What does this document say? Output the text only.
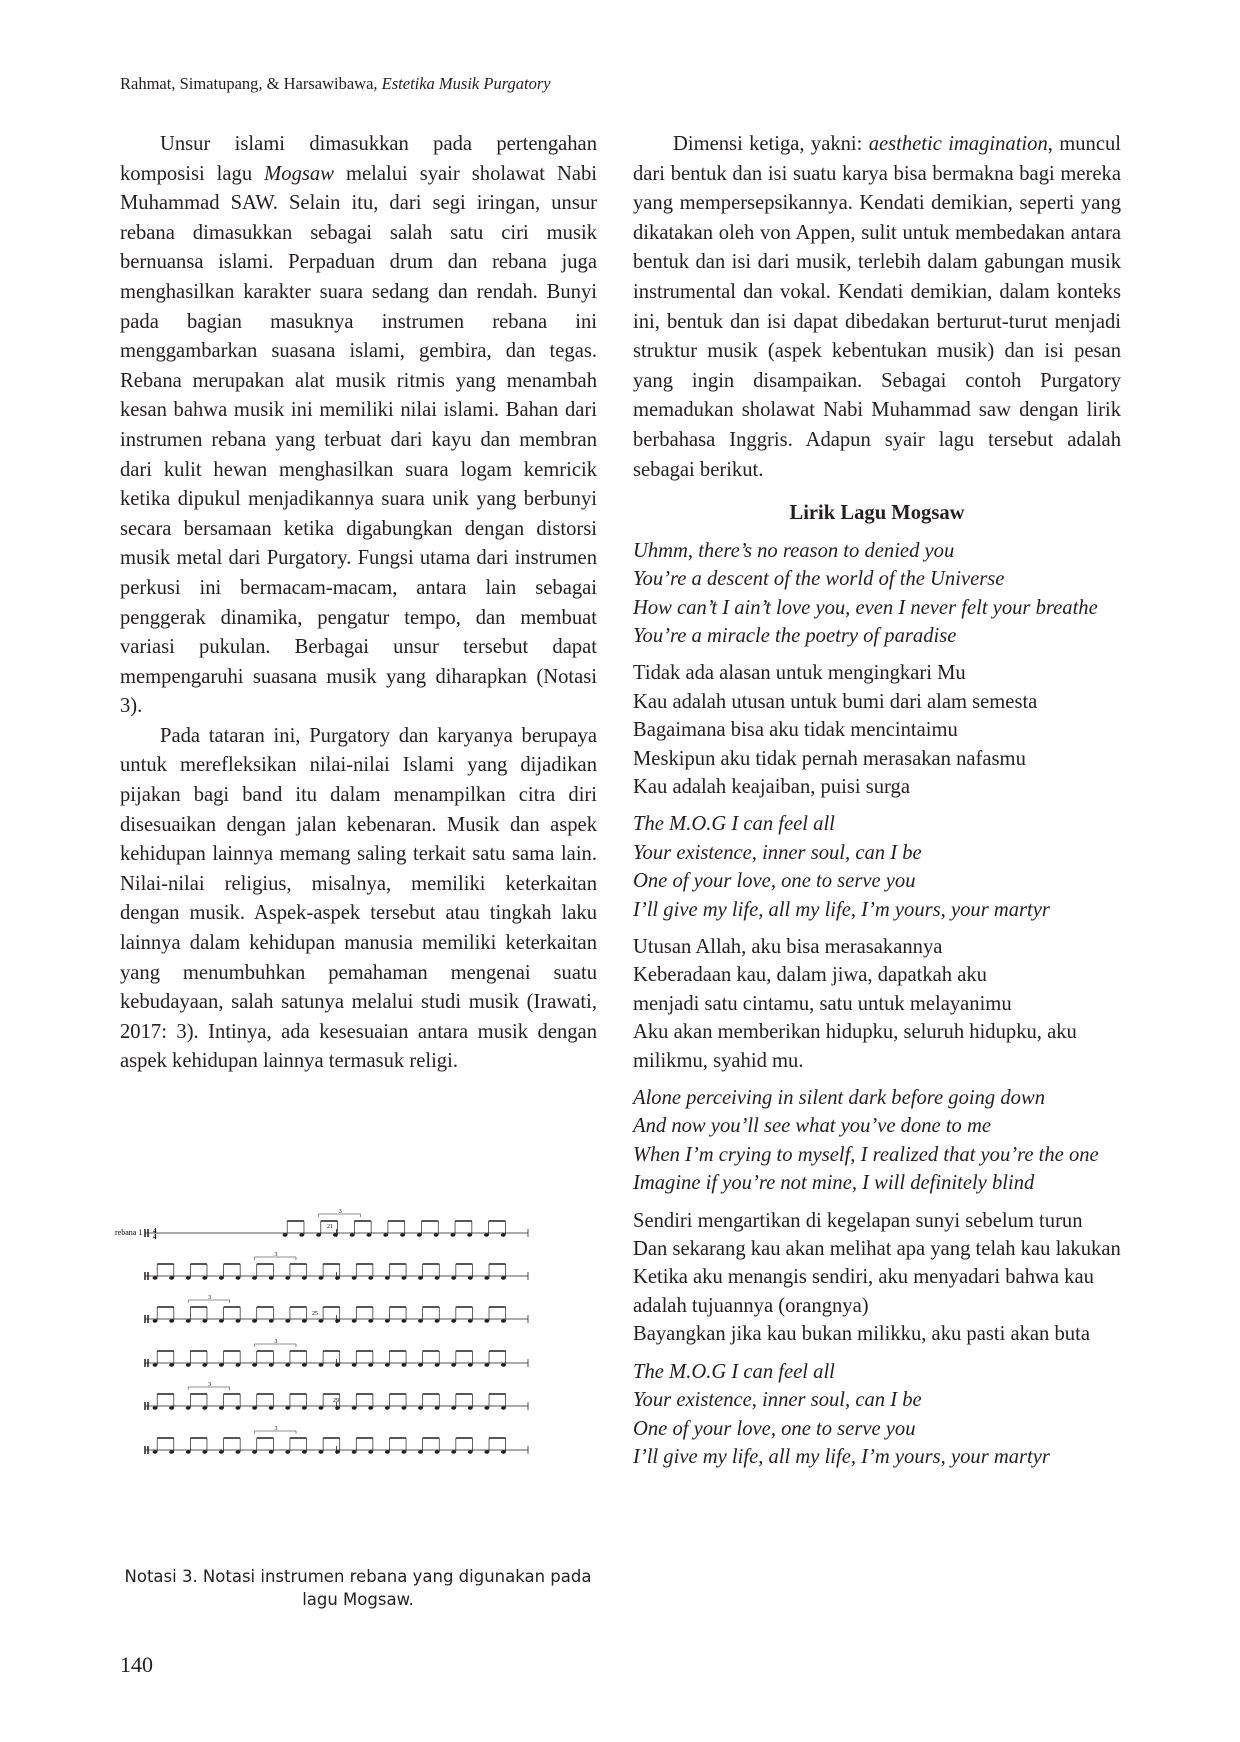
Rahmat, Simatupang, & Harsawibawa, Estetika Musik Purgatory

Unsur islami dimasukkan pada pertengahan komposisi lagu Mogsaw melalui syair sholawat Nabi Muhammad SAW. Selain itu, dari segi iringan, unsur rebana dimasukkan sebagai salah satu ciri musik bernuansa islami. Perpaduan drum dan rebana juga menghasilkan karakter suara sedang dan rendah. Bunyi pada bagian masuknya instrumen rebana ini menggambarkan suasana islami, gembira, dan tegas. Rebana merupakan alat musik ritmis yang menambah kesan bahwa musik ini memiliki nilai islami. Bahan dari instrumen rebana yang terbuat dari kayu dan membran dari kulit hewan menghasilkan suara logam kemricik ketika dipukul menjadikannya suara unik yang berbunyi secara bersamaan ketika digabungkan dengan distorsi musik metal dari Purgatory. Fungsi utama dari instrumen perkusi ini bermacam-macam, antara lain sebagai penggerak dinamika, pengatur tempo, dan membuat variasi pukulan. Berbagai unsur tersebut dapat mempengaruhi suasana musik yang diharapkan (Notasi 3).

Pada tataran ini, Purgatory dan karyanya berupaya untuk merefleksikan nilai-nilai Islami yang dijadikan pijakan bagi band itu dalam menampilkan citra diri disesuaikan dengan jalan kebenaran. Musik dan aspek kehidupan lainnya memang saling terkait satu sama lain. Nilai-nilai religius, misalnya, memiliki keterkaitan dengan musik. Aspek-aspek tersebut atau tingkah laku lainnya dalam kehidupan manusia memiliki keterkaitan yang menumbuhkan pemahaman mengenai suatu kebudayaan, salah satunya melalui studi musik (Irawati, 2017: 3). Intinya, ada kesesuaian antara musik dengan aspek kehidupan lainnya termasuk religi.

rebana 1
3
3
3
3
3
3
21
25
29
4
4
Notasi 3. Notasi instrumen rebana yang digunakan pada lagu Mogsaw.

Dimensi ketiga, yakni: aesthetic imagination, muncul dari bentuk dan isi suatu karya bisa bermakna bagi mereka yang mempersepsikannya. Kendati demikian, seperti yang dikatakan oleh von Appen, sulit untuk membedakan antara bentuk dan isi dari musik, terlebih dalam gabungan musik instrumental dan vokal. Kendati demikian, dalam konteks ini, bentuk dan isi dapat dibedakan berturut-turut menjadi struktur musik (aspek kebentukan musik) dan isi pesan yang ingin disampaikan. Sebagai contoh Purgatory memadukan sholawat Nabi Muhammad saw dengan lirik berbahasa Inggris. Adapun syair lagu tersebut adalah sebagai berikut.

Lirik Lagu Mogsaw
Uhmm, there’s no reason to denied you
You’re a descent of the world of the Universe
How can’t I ain’t love you, even I never felt your breathe
You’re a miracle the poetry of paradise
Tidak ada alasan untuk mengingkari Mu
Kau adalah utusan untuk bumi dari alam semesta
Bagaimana bisa aku tidak mencintaimu
Meskipun aku tidak pernah merasakan nafasmu
Kau adalah keajaiban, puisi surga
The M.O.G I can feel all
Your existence, inner soul, can I be
One of your love, one to serve you
I’ll give my life, all my life, I’m yours, your martyr
Utusan Allah, aku bisa merasakannya
Keberadaan kau, dalam jiwa, dapatkah aku
menjadi satu cintamu, satu untuk melayanimu
Aku akan memberikan hidupku, seluruh hidupku, aku milikmu, syahid mu.
Alone perceiving in silent dark before going down
And now you’ll see what you’ve done to me
When I’m crying to myself, I realized that you’re the one
Imagine if you’re not mine, I will definitely blind
Sendiri mengartikan di kegelapan sunyi sebelum turun
Dan sekarang kau akan melihat apa yang telah kau lakukan
Ketika aku menangis sendiri, aku menyadari bahwa kau adalah tujuannya (orangnya)
Bayangkan jika kau bukan milikku, aku pasti akan buta
The M.O.G I can feel all
Your existence, inner soul, can I be
One of your love, one to serve you
I’ll give my life, all my life, I’m yours, your martyr
140
